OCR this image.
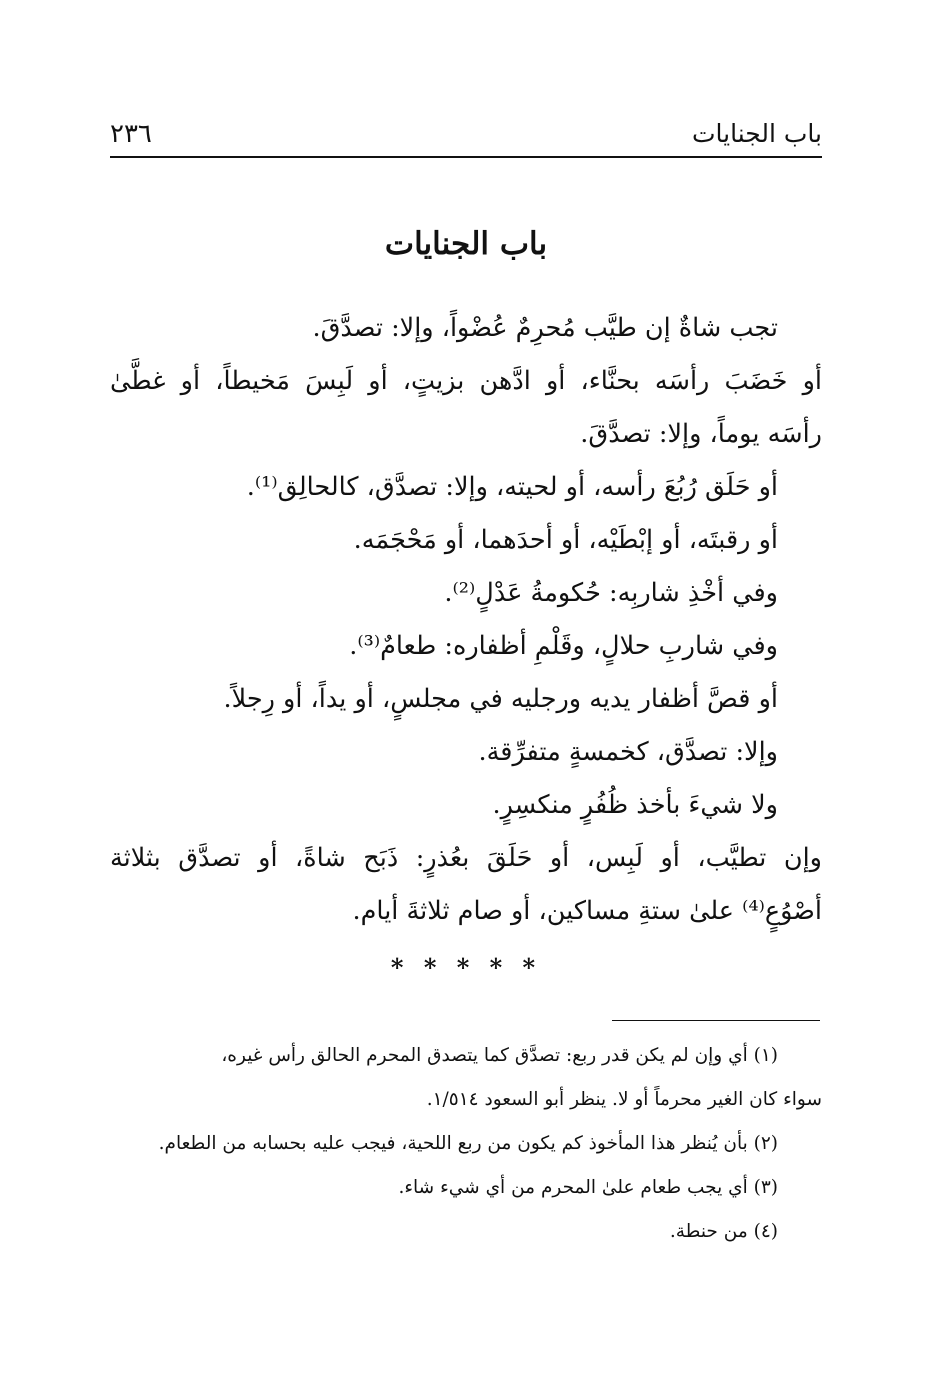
٢٣٦	باب الجنايات
باب الجنايات
تجب شاةٌ إن طيَّب مُحرِمٌ عُضْواً، وإلا: تصدَّقَ.
أو خَضَبَ رأسَه بحنَّاء، أو ادَّهن بزيتٍ، أو لَبِسَ مَخيطاً، أو غطَّىٰ
رأسَه يوماً، وإلا: تصدَّقَ.
أو حَلَق رُبُعَ رأسه، أو لحيته، وإلا: تصدَّق، كالحالِق⁽¹⁾.
أو رقبتَه، أو إبْطَيْه، أو أحدَهما، أو مَحْجَمَه.
وفي أخْذِ شاربِه: حُكومةُ عَدْلٍ⁽²⁾.
وفي شاربِ حلالٍ، وقَلْمِ أظفاره: طعامٌ⁽³⁾.
أو قصَّ أظفار يديه ورجليه في مجلسٍ، أو يداً، أو رِجلاً.
وإلا: تصدَّق، كخمسةٍ متفرِّقة.
ولا شيءَ بأخذ ظُفُرٍ منكسِرٍ.
وإن تطيَّب، أو لَبِس، أو حَلَقَ بعُذرٍ: ذَبَح شاةً، أو تصدَّق بثلاثة
أصْوُعٍ⁽⁴⁾ علىٰ ستةِ مساكين، أو صام ثلاثةَ أيام.
* * * * *
(١) أي وإن لم يكن قدر ربع: تصدَّق كما يتصدق المحرم الحالق رأس غيره،
سواء كان الغير محرماً أو لا. ينظر أبو السعود ١/٥١٤.
(٢) بأن يُنظر هذا المأخوذ كم يكون من ربع اللحية، فيجب عليه بحسابه من الطعام.
(٣) أي يجب طعام علىٰ المحرم من أي شيء شاء.
(٤) من حنطة.
